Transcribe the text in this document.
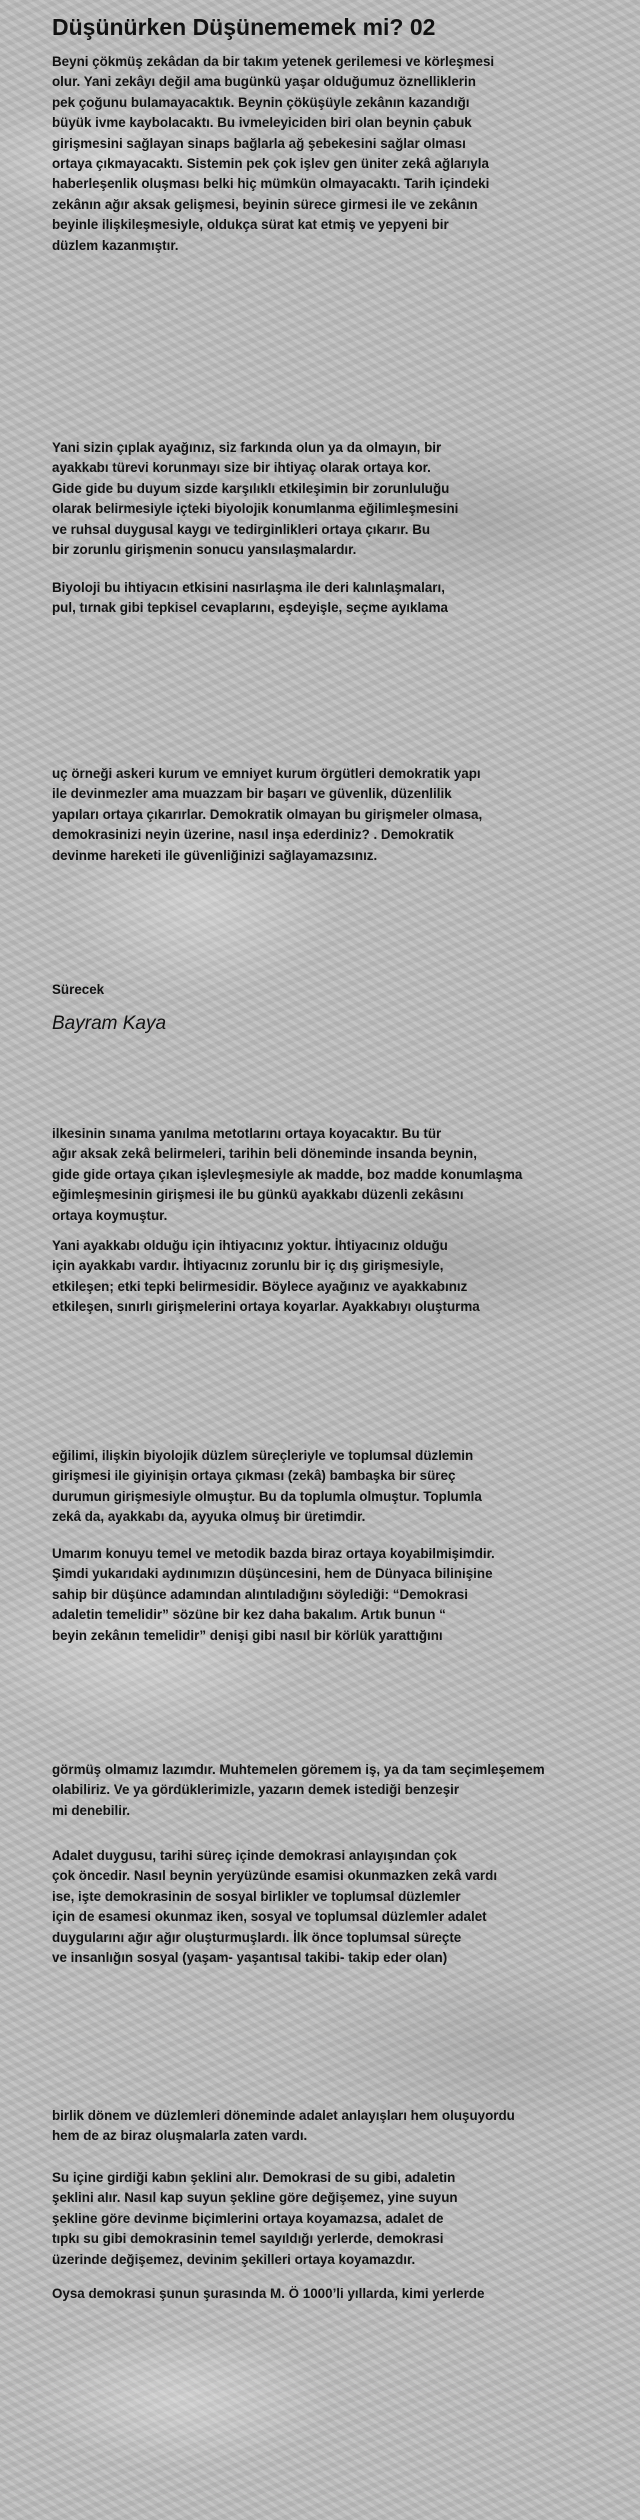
Düşünürken Düşünememek mi? 02
Beyni çökmüş zekâdan da bir takım yetenek gerilemesi ve körleşmesi
olur. Yani zekâyı değil ama bugünkü yaşar olduğumuz öznelliklerin
pek çoğunu bulamayacaktık. Beynin çöküşüyle zekânın kazandığı
büyük ivme kaybolacaktı. Bu ivmeleyiciden biri olan beynin çabuk
girişmesini sağlayan sinaps bağlarla ağ şebekesini sağlar olması
ortaya çıkmayacaktı. Sistemin pek çok işlev gen üniter zekâ ağlarıyla
haberleşenlik oluşması belki hiç mümkün olmayacaktı. Tarih içindeki
zekânın ağır aksak gelişmesi, beyinin sürece girmesi ile ve zekânın
beyinle ilişkileşmesiyle, oldukça sürat kat etmiş ve yepyeni bir
düzlem kazanmıştır.
Yani sizin çıplak ayağınız, siz farkında olun ya da olmayın, bir
ayakkabı türevi korunmayı size bir ihtiyaç olarak ortaya kor.
Gide gide bu duyum sizde karşılıklı etkileşimin bir zorunluluğu
olarak belirmesiyle içteki biyolojik konumlanma eğilimleşmesini
ve ruhsal duygusal kaygı ve tedirginlikleri ortaya çıkarır. Bu
bir zorunlu girişmenin sonucu yansılaşmalardır.
Biyoloji bu ihtiyacın etkisini nasırlaşma ile deri kalınlaşmaları,
pul, tırnak gibi tepkisel cevaplarını, eşdeyişle, seçme ayıklama
uç örneği askeri kurum ve emniyet kurum örgütleri demokratik yapı
ile devinmezler ama muazzam bir başarı ve güvenlik, düzenlilik
yapıları ortaya çıkarırlar. Demokratik olmayan bu girişmeler olmasa,
demokrasinizi neyin üzerine, nasıl inşa ederdiniz? . Demokratik
devinme hareketi ile güvenliğinizi sağlayamazsınız.
Sürecek
Bayram Kaya
ilkesinin sınama yanılma metotlarını ortaya koyacaktır. Bu tür
ağır aksak zekâ belirmeleri, tarihin beli döneminde insanda beynin,
gide gide ortaya çıkan işlevleşmesiyle ak madde, boz madde konumlaşma
eğimleşmesinin girişmesi ile bu günkü ayakkabı düzenli zekâsını
ortaya koymuştur.
Yani ayakkabı olduğu için ihtiyacınız yoktur. İhtiyacınız olduğu
için ayakkabı vardır. İhtiyacınız zorunlu bir iç dış girişmesiyle,
etkileşen; etki tepki belirmesidir. Böylece ayağınız ve ayakkabınız
etkileşen, sınırlı girişmelerini ortaya koyarlar. Ayakkabıyı oluşturma
eğilimi, ilişkin biyolojik düzlem süreçleriyle ve toplumsal düzlemin
girişmesi ile giyinişin ortaya çıkması (zekâ) bambaşka bir süreç
durumun girişmesiyle olmuştur. Bu da toplumla olmuştur. Toplumla
zekâ da, ayakkabı da, ayyuka olmuş bir üretimdir.
Umarım konuyu temel ve metodik bazda biraz ortaya koyabilmişimdir.
Şimdi yukarıdaki aydınımızın düşüncesini, hem de Dünyaca bilinişine
sahip bir düşünce adamından alıntıladığını söylediği: “Demokrasi
adaletin temelidir” sözüne bir kez daha bakalım. Artık bunun “
beyin zekânın temelidir” denişi gibi nasıl bir körlük yarattığını
görmüş olmamız lazımdır. Muhtemelen göremem iş, ya da tam seçimleşemem
olabiliriz. Ve ya gördüklerimizle, yazarın demek istediği benzeşir
mi denebilir.
Adalet duygusu, tarihi süreç içinde demokrasi anlayışından çok
çok öncedir. Nasıl beynin yeryüzünde esamisi okunmazken zekâ vardı
ise, işte demokrasinin de sosyal birlikler ve toplumsal düzlemler
için de esamesi okunmaz iken, sosyal ve toplumsal düzlemler adalet
duygularını ağır ağır oluşturmuşlardı. İlk önce toplumsal süreçte
ve insanlığın sosyal (yaşam- yaşantısal takibi- takip eder olan)
birlik dönem ve düzlemleri döneminde adalet anlayışları hem oluşuyordu
hem de az biraz oluşmalarla zaten vardı.
Su içine girdiği kabın şeklini alır. Demokrasi de su gibi, adaletin
şeklini alır. Nasıl kap suyun şekline göre değişemez, yine suyun
şekline göre devinme biçimlerini ortaya koyamazsa, adalet de
tıpkı su gibi demokrasinin temel sayıldığı yerlerde, demokrasi
üzerinde değişemez, devinim şekilleri ortaya koyamazdır.
Oysa demokrasi şunun şurasında M. Ö 1000’li yıllarda, kimi yerlerde
